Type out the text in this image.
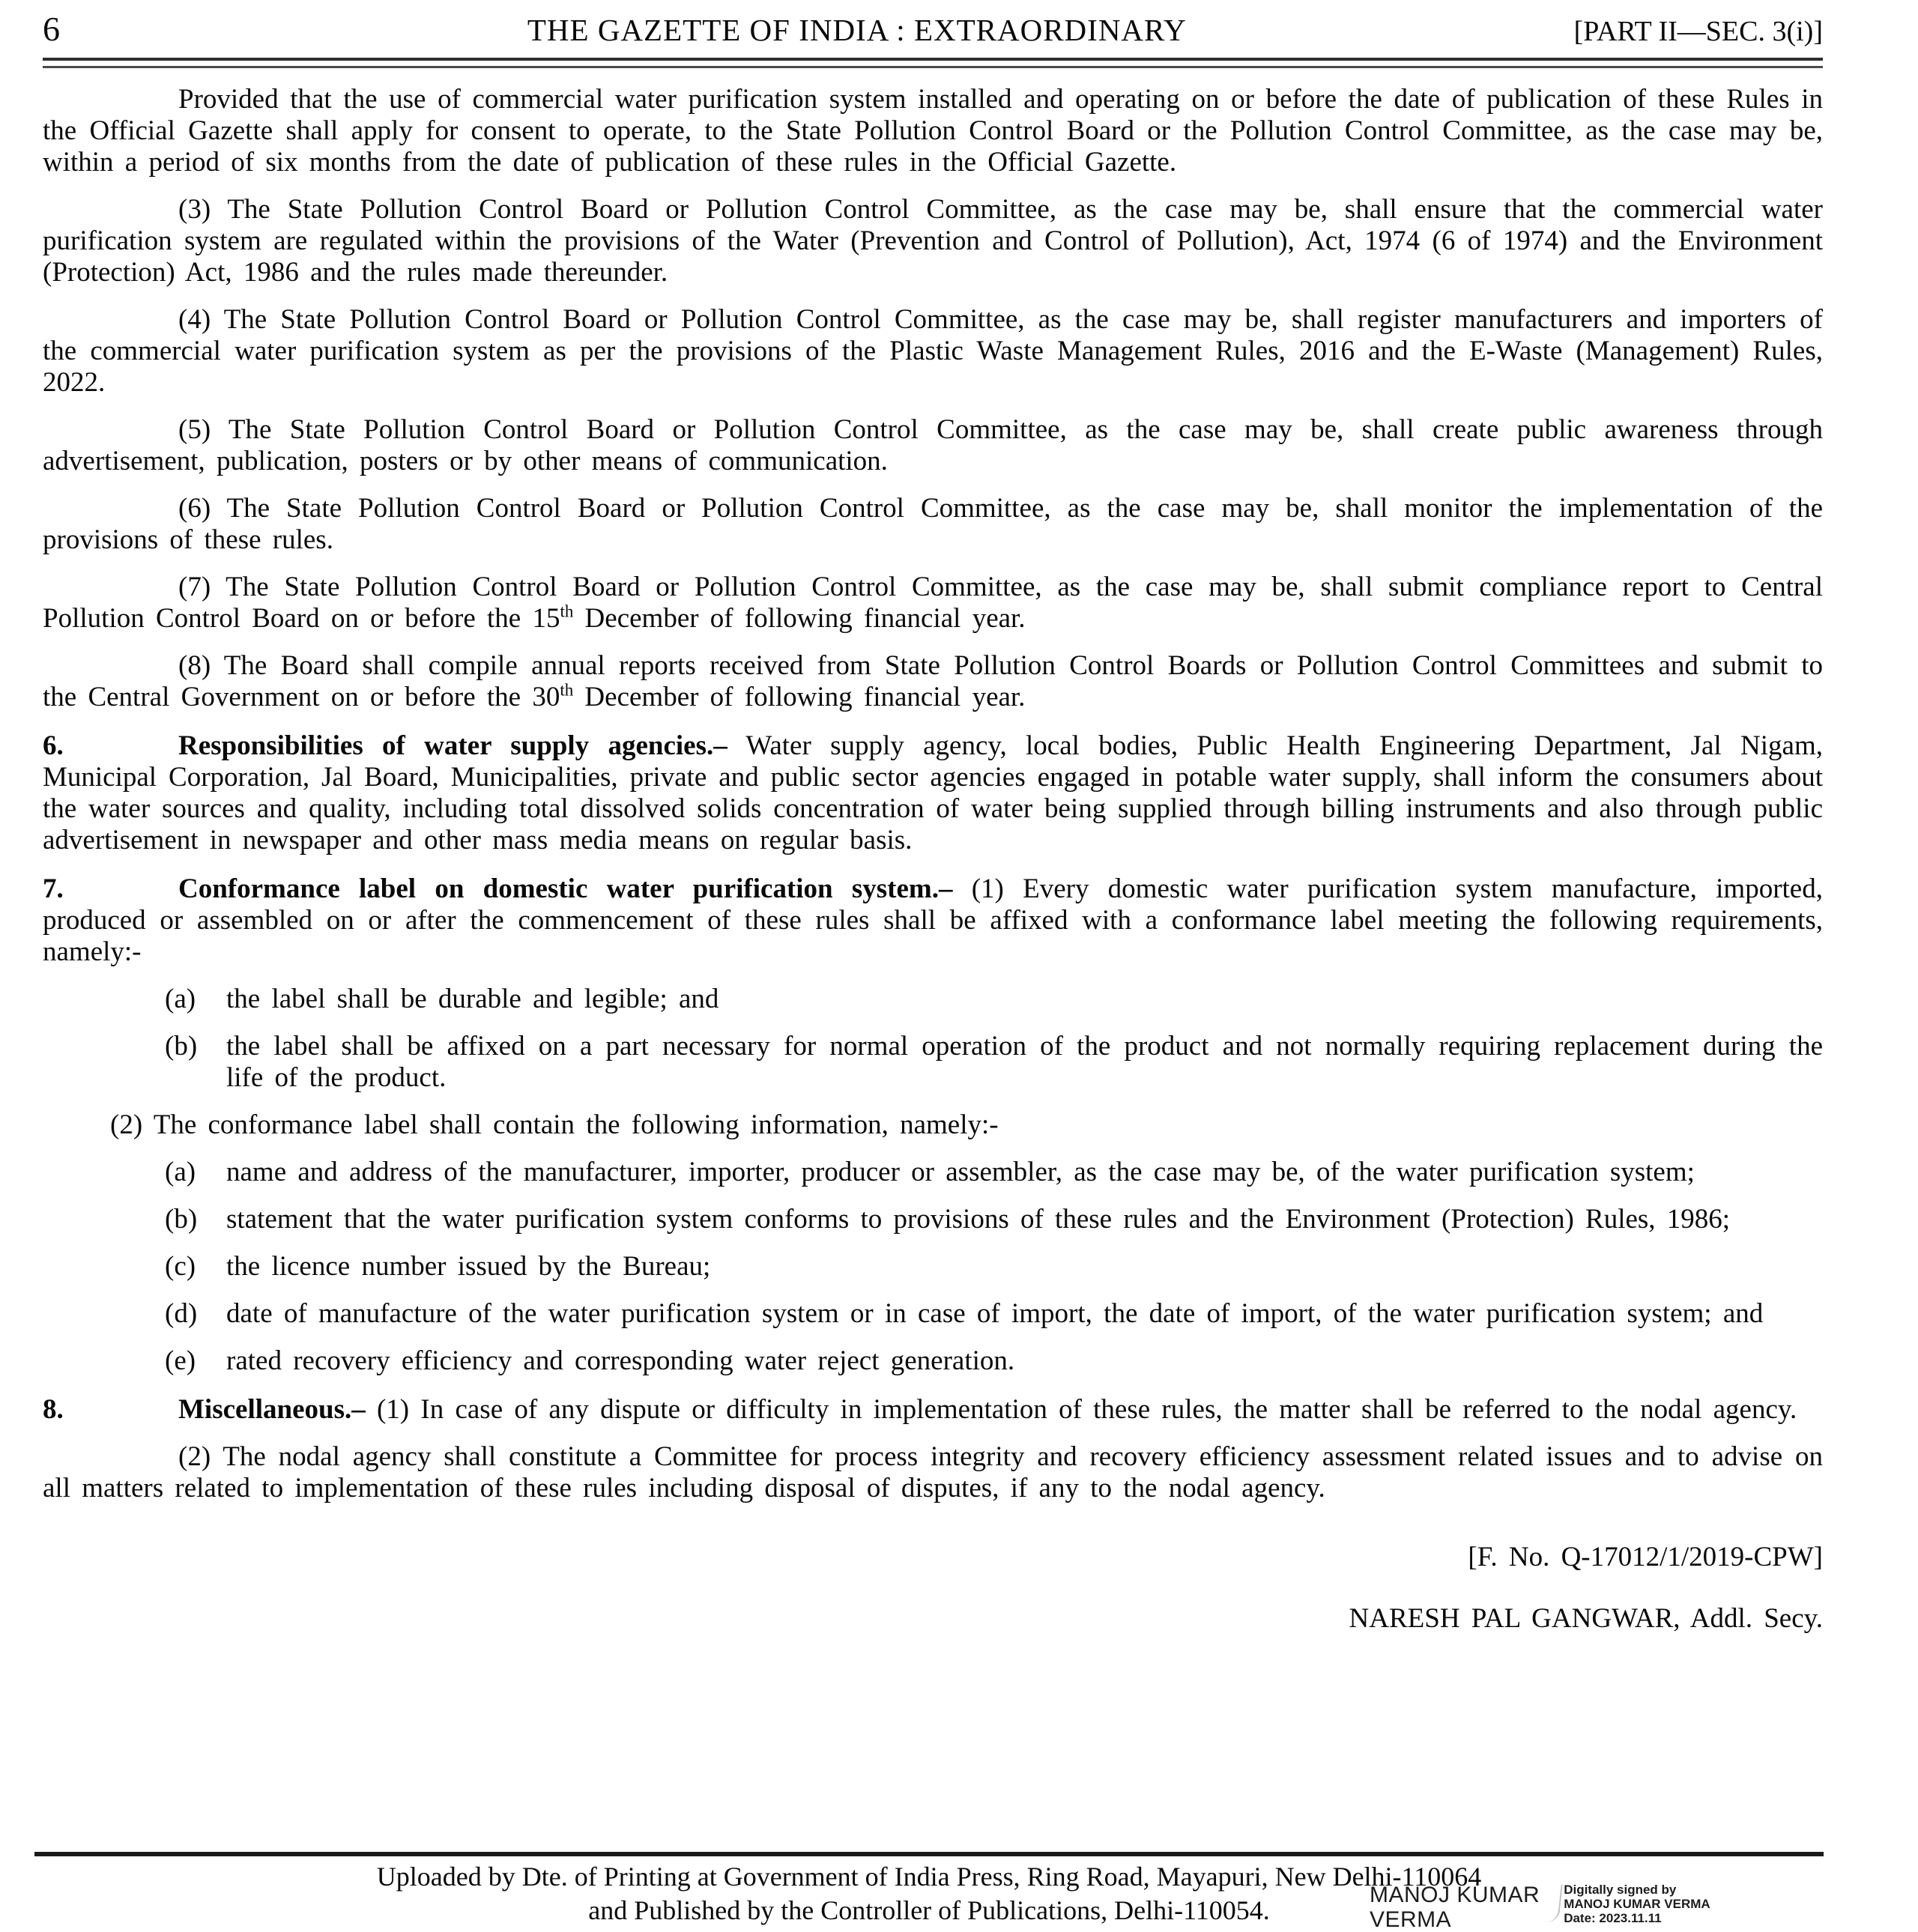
6	THE GAZETTE OF INDIA : EXTRAORDINARY	[PART II—SEC. 3(i)]

Provided that the use of commercial water purification system installed and operating on or before the date of publication of these Rules in the Official Gazette shall apply for consent to operate, to the State Pollution Control Board or the Pollution Control Committee, as the case may be, within a period of six months from the date of publication of these rules in the Official Gazette.

(3) The State Pollution Control Board or Pollution Control Committee, as the case may be, shall ensure that the commercial water purification system are regulated within the provisions of the Water (Prevention and Control of Pollution), Act, 1974 (6 of 1974) and the Environment (Protection) Act, 1986 and the rules made thereunder.

(4) The State Pollution Control Board or Pollution Control Committee, as the case may be, shall register manufacturers and importers of the commercial water purification system as per the provisions of the Plastic Waste Management Rules, 2016 and the E-Waste (Management) Rules, 2022.

(5) The State Pollution Control Board or Pollution Control Committee, as the case may be, shall create public awareness through advertisement, publication, posters or by other means of communication.

(6) The State Pollution Control Board or Pollution Control Committee, as the case may be, shall monitor the implementation of the provisions of these rules.

(7) The State Pollution Control Board or Pollution Control Committee, as the case may be, shall submit compliance report to Central Pollution Control Board on or before the 15th December of following financial year.

(8) The Board shall compile annual reports received from State Pollution Control Boards or Pollution Control Committees and submit to the Central Government on or before the 30th December of following financial year.

6.	Responsibilities of water supply agencies.– Water supply agency, local bodies, Public Health Engineering Department, Jal Nigam, Municipal Corporation, Jal Board, Municipalities, private and public sector agencies engaged in potable water supply, shall inform the consumers about the water sources and quality, including total dissolved solids concentration of water being supplied through billing instruments and also through public advertisement in newspaper and other mass media means on regular basis.

7.	Conformance label on domestic water purification system.– (1) Every domestic water purification system manufacture, imported, produced or assembled on or after the commencement of these rules shall be affixed with a conformance label meeting the following requirements, namely:-

(a)	the label shall be durable and legible; and
(b)	the label shall be affixed on a part necessary for normal operation of the product and not normally requiring replacement during the life of the product.

(2) The conformance label shall contain the following information, namely:-

(a)	name and address of the manufacturer, importer, producer or assembler, as the case may be, of the water purification system;
(b)	statement that the water purification system conforms to provisions of these rules and the Environment (Protection) Rules, 1986;
(c)	the licence number issued by the Bureau;
(d)	date of manufacture of the water purification system or in case of import, the date of import, of the water purification system; and
(e)	rated recovery efficiency and corresponding water reject generation.

8.	Miscellaneous.– (1) In case of any dispute or difficulty in implementation of these rules, the matter shall be referred to the nodal agency.

(2) The nodal agency shall constitute a Committee for process integrity and recovery efficiency assessment related issues and to advise on all matters related to implementation of these rules including disposal of disputes, if any to the nodal agency.

[F. No. Q-17012/1/2019-CPW]

NARESH PAL GANGWAR, Addl. Secy.

Uploaded by Dte. of Printing at Government of India Press, Ring Road, Mayapuri, New Delhi-110064
and Published by the Controller of Publications, Delhi-110054.
MANOJ KUMAR
VERMA
Digitally signed by
MANOJ KUMAR VERMA
Date: 2023.11.11
